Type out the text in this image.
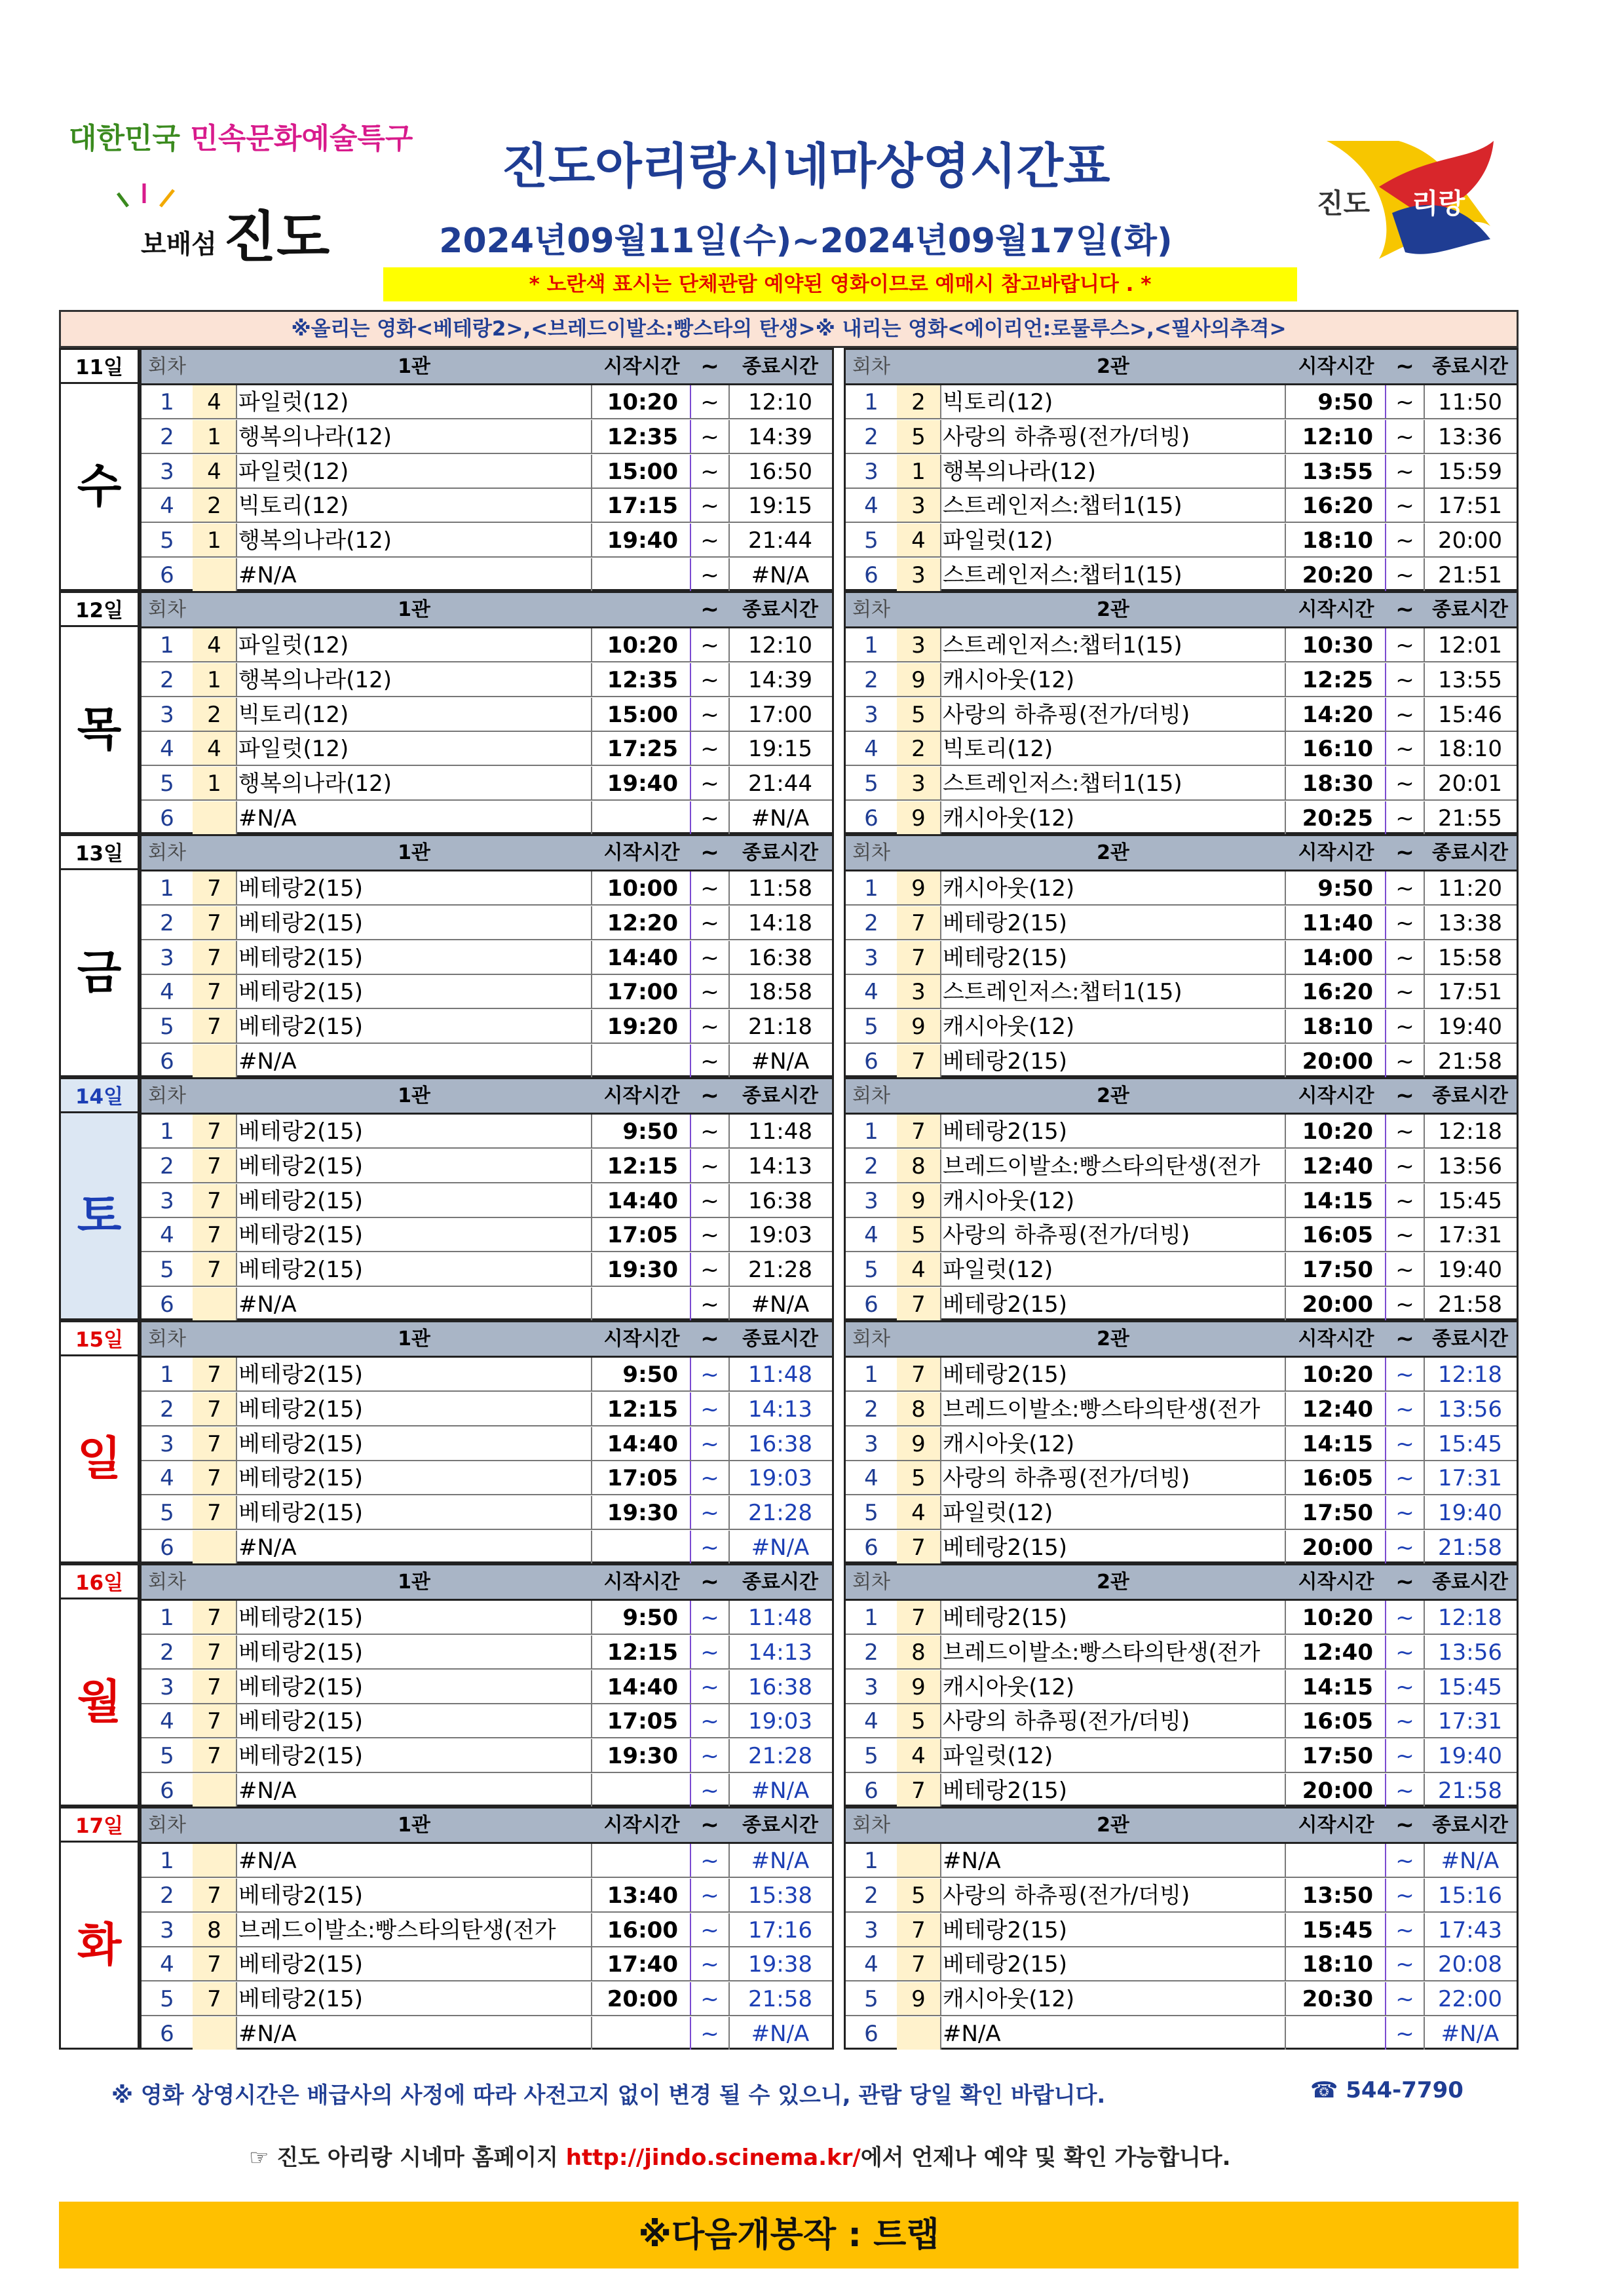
대한민국 민속문화예술특구
보배섬 진도
진도아리랑시네마상영시간표
2024년09월11일(수)~2024년09월17일(화)
* 노란색 표시는 단체관람 예약된 영화이므로 예매시 참고바랍니다 . *
진도 리랑
※올리는 영화<베테랑2>,<브레드이발소:빵스타의 탄생>※ 내리는 영화<에이리언:로물루스>,<필사의추격>
11일
수
회차	1관	시작시간 ~	종료시간
1	4 파일럿(12)	10:20	~	12:10
2	1 행복의나라(12)	12:35	~	14:39
3	4 파일럿(12)	15:00	~	16:50
4	2 빅토리(12)	17:15	~	19:15
5	1 행복의나라(12)	19:40	~	21:44
6	#N/A	~	#N/A
회차	2관	시작시간 ~ 종료시간
1	2 빅토리(12)	9:50	~	11:50
2	5 사랑의 하츄핑(전가/더빙)	12:10	~	13:36
3	1 행복의나라(12)	13:55	~	15:59
4	3 스트레인저스:챕터1(15)	16:20	~	17:51
5	4 파일럿(12)	18:10	~	20:00
6	3 스트레인저스:챕터1(15)	20:20	~	21:51
12일
목
회차	1관	~	종료시간
1	4 파일럿(12)	10:20	~	12:10
2	1 행복의나라(12)	12:35	~	14:39
3	2 빅토리(12)	15:00	~	17:00
4	4 파일럿(12)	17:25	~	19:15
5	1 행복의나라(12)	19:40	~	21:44
6	#N/A	~	#N/A
회차	2관	시작시간 ~ 종료시간
1	3 스트레인저스:챕터1(15)	10:30	~	12:01
2	9 캐시아웃(12)	12:25	~	13:55
3	5 사랑의 하츄핑(전가/더빙)	14:20	~	15:46
4	2 빅토리(12)	16:10	~	18:10
5	3 스트레인저스:챕터1(15)	18:30	~	20:01
6	9 캐시아웃(12)	20:25	~	21:55
13일
금
회차	1관	시작시간 ~	종료시간
1	7 베테랑2(15)	10:00	~	11:58
2	7 베테랑2(15)	12:20	~	14:18
3	7 베테랑2(15)	14:40	~	16:38
4	7 베테랑2(15)	17:00	~	18:58
5	7 베테랑2(15)	19:20	~	21:18
6	#N/A	~	#N/A
회차	2관	시작시간 ~ 종료시간
1	9 캐시아웃(12)	9:50	~	11:20
2	7 베테랑2(15)	11:40	~	13:38
3	7 베테랑2(15)	14:00	~	15:58
4	3 스트레인저스:챕터1(15)	16:20	~	17:51
5	9 캐시아웃(12)	18:10	~	19:40
6	7 베테랑2(15)	20:00	~	21:58
14일
토
회차	1관	시작시간 ~	종료시간
1	7 베테랑2(15)	9:50	~	11:48
2	7 베테랑2(15)	12:15	~	14:13
3	7 베테랑2(15)	14:40	~	16:38
4	7 베테랑2(15)	17:05	~	19:03
5	7 베테랑2(15)	19:30	~	21:28
6	#N/A	~	#N/A
회차	2관	시작시간 ~ 종료시간
1	7 베테랑2(15)	10:20	~	12:18
2	8 브레드이발소:빵스타의탄생(전가	12:40	~	13:56
3	9 캐시아웃(12)	14:15	~	15:45
4	5 사랑의 하츄핑(전가/더빙)	16:05	~	17:31
5	4 파일럿(12)	17:50	~	19:40
6	7 베테랑2(15)	20:00	~	21:58
15일
일
회차	1관	시작시간 ~	종료시간
1	7 베테랑2(15)	9:50	~	11:48
2	7 베테랑2(15)	12:15	~	14:13
3	7 베테랑2(15)	14:40	~	16:38
4	7 베테랑2(15)	17:05	~	19:03
5	7 베테랑2(15)	19:30	~	21:28
6	#N/A	~	#N/A
회차	2관	시작시간 ~ 종료시간
1	7 베테랑2(15)	10:20	~	12:18
2	8 브레드이발소:빵스타의탄생(전가	12:40	~	13:56
3	9 캐시아웃(12)	14:15	~	15:45
4	5 사랑의 하츄핑(전가/더빙)	16:05	~	17:31
5	4 파일럿(12)	17:50	~	19:40
6	7 베테랑2(15)	20:00	~	21:58
16일
월
회차	1관	시작시간 ~	종료시간
1	7 베테랑2(15)	9:50	~	11:48
2	7 베테랑2(15)	12:15	~	14:13
3	7 베테랑2(15)	14:40	~	16:38
4	7 베테랑2(15)	17:05	~	19:03
5	7 베테랑2(15)	19:30	~	21:28
6	#N/A	~	#N/A
회차	2관	시작시간 ~ 종료시간
1	7 베테랑2(15)	10:20	~	12:18
2	8 브레드이발소:빵스타의탄생(전가	12:40	~	13:56
3	9 캐시아웃(12)	14:15	~	15:45
4	5 사랑의 하츄핑(전가/더빙)	16:05	~	17:31
5	4 파일럿(12)	17:50	~	19:40
6	7 베테랑2(15)	20:00	~	21:58
17일
화
회차	1관	시작시간 ~	종료시간
1	#N/A	~	#N/A
2	7 베테랑2(15)	13:40	~	15:38
3	8 브레드이발소:빵스타의탄생(전가	16:00	~	17:16
4	7 베테랑2(15)	17:40	~	19:38
5	7 베테랑2(15)	20:00	~	21:58
6	#N/A	~	#N/A
회차	2관	시작시간 ~ 종료시간
1	#N/A	~	#N/A
2	5 사랑의 하츄핑(전가/더빙)	13:50	~	15:16
3	7 베테랑2(15)	15:45	~	17:43
4	7 베테랑2(15)	18:10	~	20:08
5	9 캐시아웃(12)	20:30	~	22:00
6	#N/A	~	#N/A
※ 영화 상영시간은 배급사의 사정에 따라 사전고지 없이 변경 될 수 있으니, 관람 당일 확인 바랍니다.	☎ 544-7790
☞ 진도 아리랑 시네마 홈페이지 http://jindo.scinema.kr/에서 언제나 예약 및 확인 가능합니다.
※다음개봉작 : 트랩
